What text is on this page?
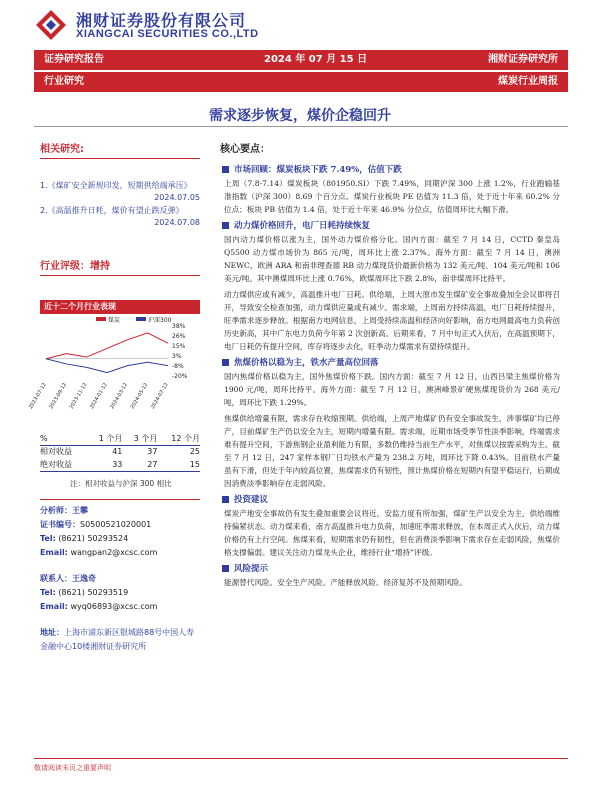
湘财证券股份有限公司
XIANGCAI SECURITIES CO.,LTD
证券研究报告	2024 年 07 月 15 日	湘财证券研究所
行业研究	煤炭行业周报
需求逐步恢复，煤价企稳回升
相关研究:
1.《煤矿安全新规印发，短期供给端承压》
2024.07.05
2.《高温推升日耗，煤价有望止跌反弹》
2024.07.08
行业评级：增持
近十二个月行业表现
煤炭	沪深300
38%
26%
15%
3%
-8%
-20%
2023-07-12 2023-09-12 2023-11-12 2024-01-12 2024-03-12 2024-05-12 2024-07-12
%	1 个月	3 个月	12 个月
相对收益	41	37	25
绝对收益	33	27	15
注：相对收益与沪深 300 相比
分析师：王攀
证书编号：S0500521020001
Tel: (8621) 50293524
Email: wangpan2@xcsc.com
联系人：王逸奇
Tel: (8621) 50293519
Email: wyq06893@xcsc.com
地址：上海市浦东新区银城路88号中国人寿金融中心10楼湘财证券研究所
核心要点：
市场回顾：煤炭板块下跌 7.49%，估值下跌
上周（7.8-7.14）煤炭板块（801950.SI）下跌 7.49%，同期沪深 300 上涨 1.2%，行业跑输基准指数（沪深 300）8.69 个百分点。煤炭行业板块 PE 估值为 11.3 倍，处于近十年来 60.2% 分位点；板块 PB 估值为 1.4 倍，处于近十年来 46.9% 分位点，估值周环比大幅下滑。
动力煤价格回升，电厂日耗持续恢复
国内动力煤价格以涨为主，国外动力煤价格分化。国内方面：截至 7 月 14 日，CCTD 秦皇岛 Q5500 动力煤市场价为 865 元/吨，周环比上涨 2.37%。海外方面：截至 7 月 14 日，澳洲 NEWC、欧洲 ARA 和南非理查德 RB 动力煤现货价最新价格为 132 美元/吨、104 美元/吨和 106 美元/吨。其中澳煤周环比上涨 0.76%，欧煤周环比下跌 2.8%，南非煤周环比持平。
动力煤供应或有减少，高温推升电厂日耗。供给端，上周大原市发生煤矿安全事故叠加全会议即将召开，导致安全检查加强，动力煤供应量或有减少。需求端，上周南方持续高温，电厂日耗持续提升，旺季需求逐步释放。根据南方电网信息，上周受持续高温和经济向好影响，南方电网最高电力负荷创历史新高，其中广东电力负荷今年第 2 次创新高。后期来看，7 月中旬正式入伏后，在高温预期下，电厂日耗仍有提升空间，库存将逐步去化，旺季动力煤需求有望持续提升。
焦煤价格以稳为主，铁水产量高位回落
国内焦煤价格以稳为主，国外焦煤价格下跌。国内方面：截至 7 月 12 日，山西吕梁主焦煤价格为 1900 元/吨，周环比持平。海外方面：截至 7 月 12 日，澳洲峰景矿硬焦煤现货价为 268 美元/吨，周环比下跌 1.29%。
焦煤供给增量有限，需求存在收缩预期。供给端，上周产地煤矿仍有安全事故发生，涉事煤矿均已停产，目前煤矿生产仍以安全为主，短期内增量有限。需求端，近期市场受季节性淡季影响，终端需求难有提升空间，下游焦钢企业盈利能力有限，多数仍维持当前生产水平，对焦煤以按需采购为主。截至 7 月 12 日，247 家样本钢厂日均铁水产量为 238.2 万吨，周环比下降 0.43%。目前铁水产量虽有下滑，但处于年内较高位置，焦煤需求仍有韧性，预计焦煤价格在短期内有望平稳运行，后期或因消费淡季影响存在走弱风险。
投资建议
煤炭产地安全事故仍有发生叠加重要会议将近，安监力度有所加强，煤矿生产以安全为主，供给端维持偏紧状态。动力煤来看，南方高温推升电力负荷，加速旺季需求释放，在本周正式入伏后，动力煤价格仍有上行空间。焦煤来看，短期需求仍有韧性，但在消费淡季影响下需求存在走弱风险，焦煤价格支撑偏弱。建议关注动力煤龙头企业，维持行业“增持”评级。
风险提示
能源替代风险。安全生产风险。产能释放风险。经济复苏不及预期风险。
敬请阅读末页之重要声明
